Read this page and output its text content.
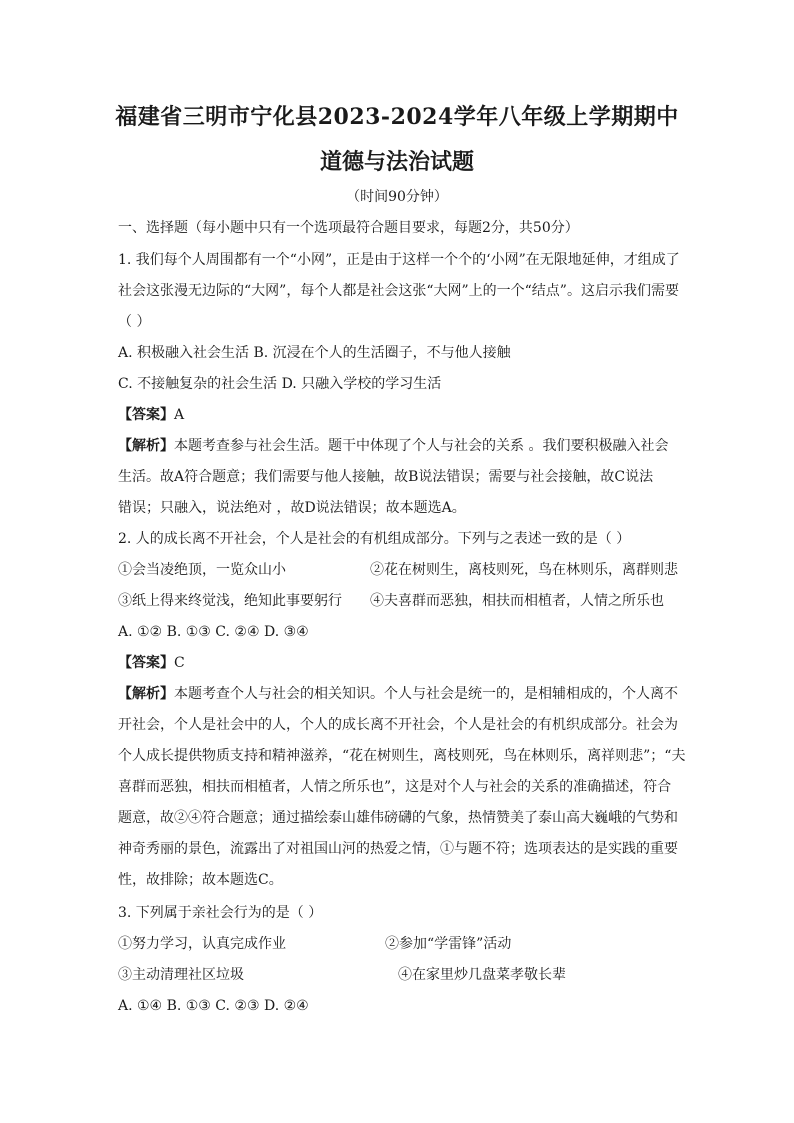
福建省三明市宁化县2023-2024学年八年级上学期期中
道德与法治试题
（时间90分钟）
一、选择题（每小题中只有一个选项最符合题目要求，每题2分，共50分）
1. 我们每个人周围都有一个“小网”，正是由于这样一个个的‘小网”在无限地延伸，才组成了
社会这张漫无边际的“大网”，每个人都是社会这张“大网”上的一个“结点”。这启示我们需要
（ ）
A. 积极融入社会生活 B. 沉浸在个人的生活圈子，不与他人接触
C. 不接触复杂的社会生活 D. 只融入学校的学习生活
【答案】A
【解析】本题考查参与社会生活。题干中体现了个人与社会的关系 。我们要积极融入社会
生活。故A符合题意；我们需要与他人接触，故B说法错误；需要与社会接触，故C说法
错误；只融入，说法绝对 ，故D说法错误；故本题选A。
2. 人的成长离不开社会，个人是社会的有机组成部分。下列与之表述一致的是（ ）
①会当凌绝顶，一览众山小	②花在树则生，离枝则死，鸟在林则乐，离群则悲
③纸上得来终觉浅，绝知此事要躬行 ④夫喜群而恶独，相扶而相植者，人情之所乐也
A. ①② B. ①③ C. ②④ D. ③④
【答案】C
【解析】本题考查个人与社会的相关知识。个人与社会是统一的，是相辅相成的，个人离不
开社会，个人是社会中的人，个人的成长离不开社会，个人是社会的有机织成部分。社会为
个人成长提供物质支持和精神滋养，“花在树则生，离枝则死，鸟在林则乐，离祥则悲”；“夫
喜群而恶独，相扶而相植者，人情之所乐也”，这是对个人与社会的关系的准确描述，符合
题意，故②④符合题意；通过描绘泰山雄伟磅礴的气象，热情赞美了泰山高大巍峨的气势和
神奇秀丽的景色，流露出了对祖国山河的热爱之情，①与题不符；选项表达的是实践的重要
性，故排除；故本题选C。
3. 下列属于亲社会行为的是（ ）
①努力学习，认真完成作业	②参加“学雷锋”活动
③主动清理社区垃圾	④在家里炒几盘菜孝敬长辈
A. ①④ B. ①③ C. ②③ D. ②④
